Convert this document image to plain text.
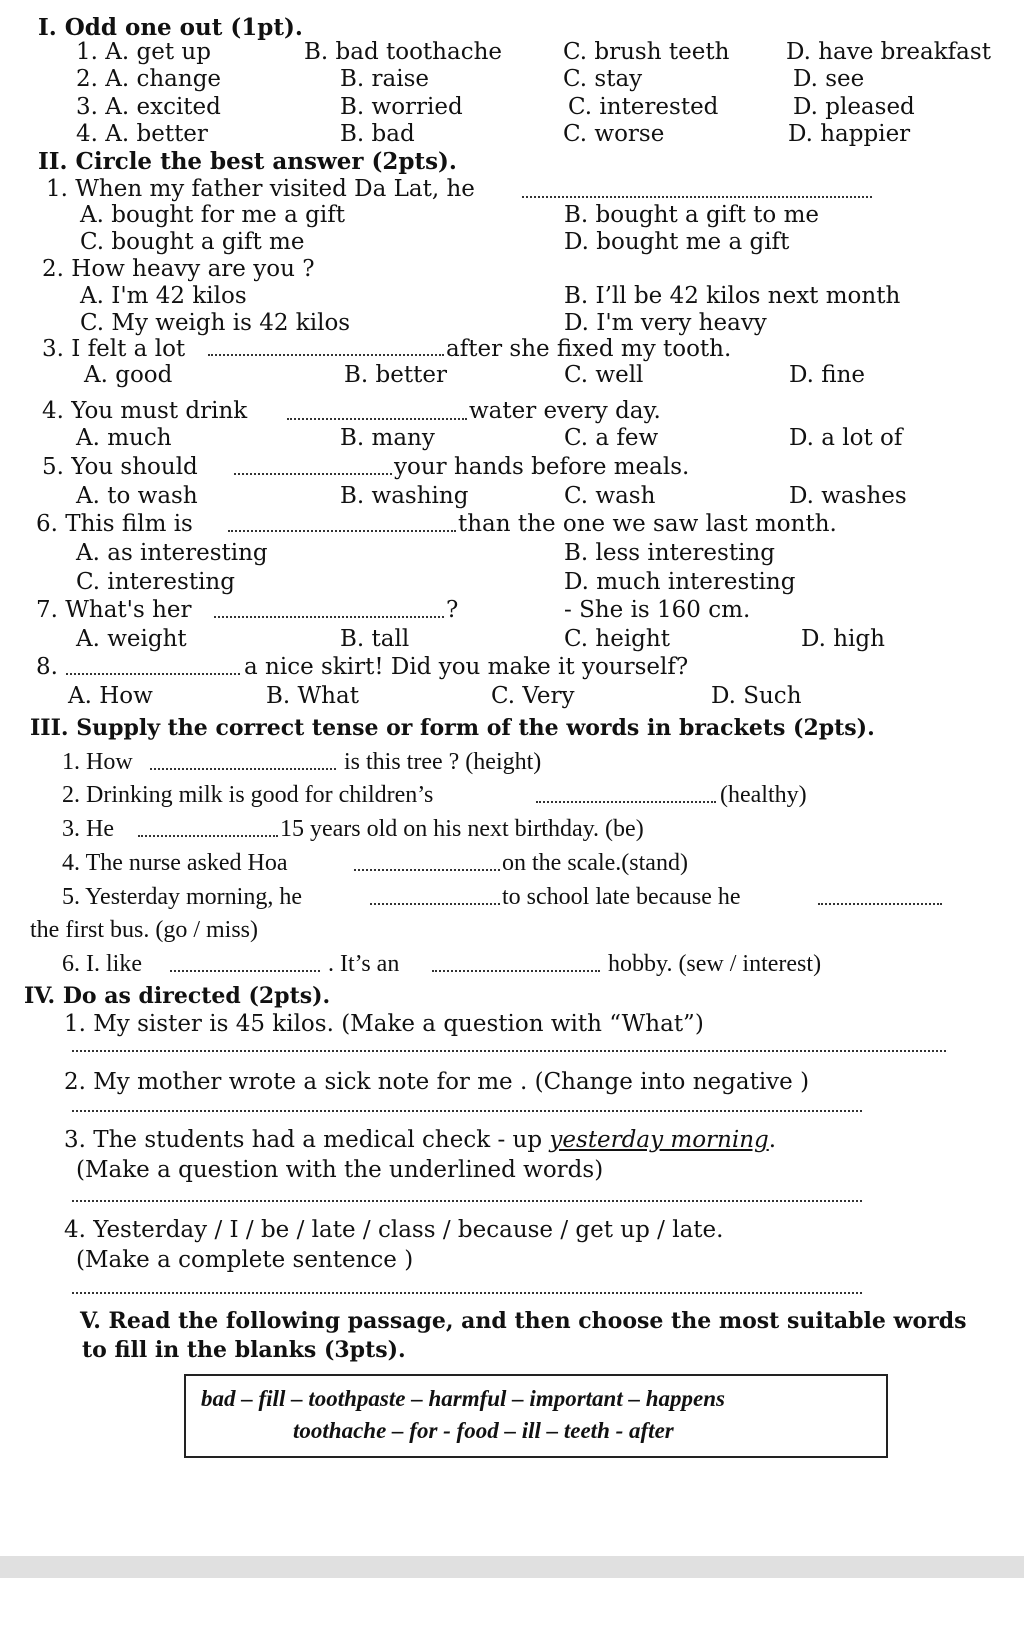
I. Odd one out (1pt).
1. A. get up	B. bad toothache	C. brush teeth D. have breakfast
2. A. change	B. raise	C. stay	D. see
3. A. excited	B. worried	C. interested	D. pleased
4. A. better	B. bad	C. worse	D. happier
II. Circle the best answer (2pts).
1. When my father visited Da Lat, he
A. bought for me a gift	B. bought a gift to me
C. bought a gift me	D. bought me a gift
2. How heavy are you ?
A. I'm 42 kilos	B. I’ll be 42 kilos next month
C. My weigh is 42 kilos	D. I'm very heavy
3. I felt a lot	after she fixed my tooth.
A. good	B. better	C. well	D. fine
4. You must drink	water every day.
A. much	B. many	C. a few	D. a lot of
5. You should	your hands before meals.
A. to wash	B. washing	C. wash	D. washes
6. This film is	than the one we saw last month.
A. as interesting	B. less interesting
C. interesting	D. much interesting
7. What's her	?	- She is 160 cm.
A. weight	B. tall	C. height	D. high
8.	a nice skirt! Did you make it yourself?
A. How	B. What	C. Very	D. Such
III. Supply the correct tense or form of the words in brackets (2pts).
1. How	is this tree ? (height)
2. Drinking milk is good for children’s	(healthy)
3. He	15 years old on his next birthday. (be)
4. The nurse asked Hoa	on the scale.(stand)
5. Yesterday morning, he	to school late because he
the first bus. (go / miss)
6. I. like	. It’s an	hobby. (sew / interest)
IV. Do as directed (2pts).
1. My sister is 45 kilos. (Make a question with “What”)
2. My mother wrote a sick note for me . (Change into negative )
3. The students had a medical check - up yesterday morning.
(Make a question with the underlined words)
4. Yesterday / I / be / late / class / because / get up / late.
(Make a complete sentence )
V. Read the following passage, and then choose the most suitable words
to fill in the blanks (3pts).
bad – fill – toothpaste – harmful – important – happens
toothache – for - food – ill – teeth - after
